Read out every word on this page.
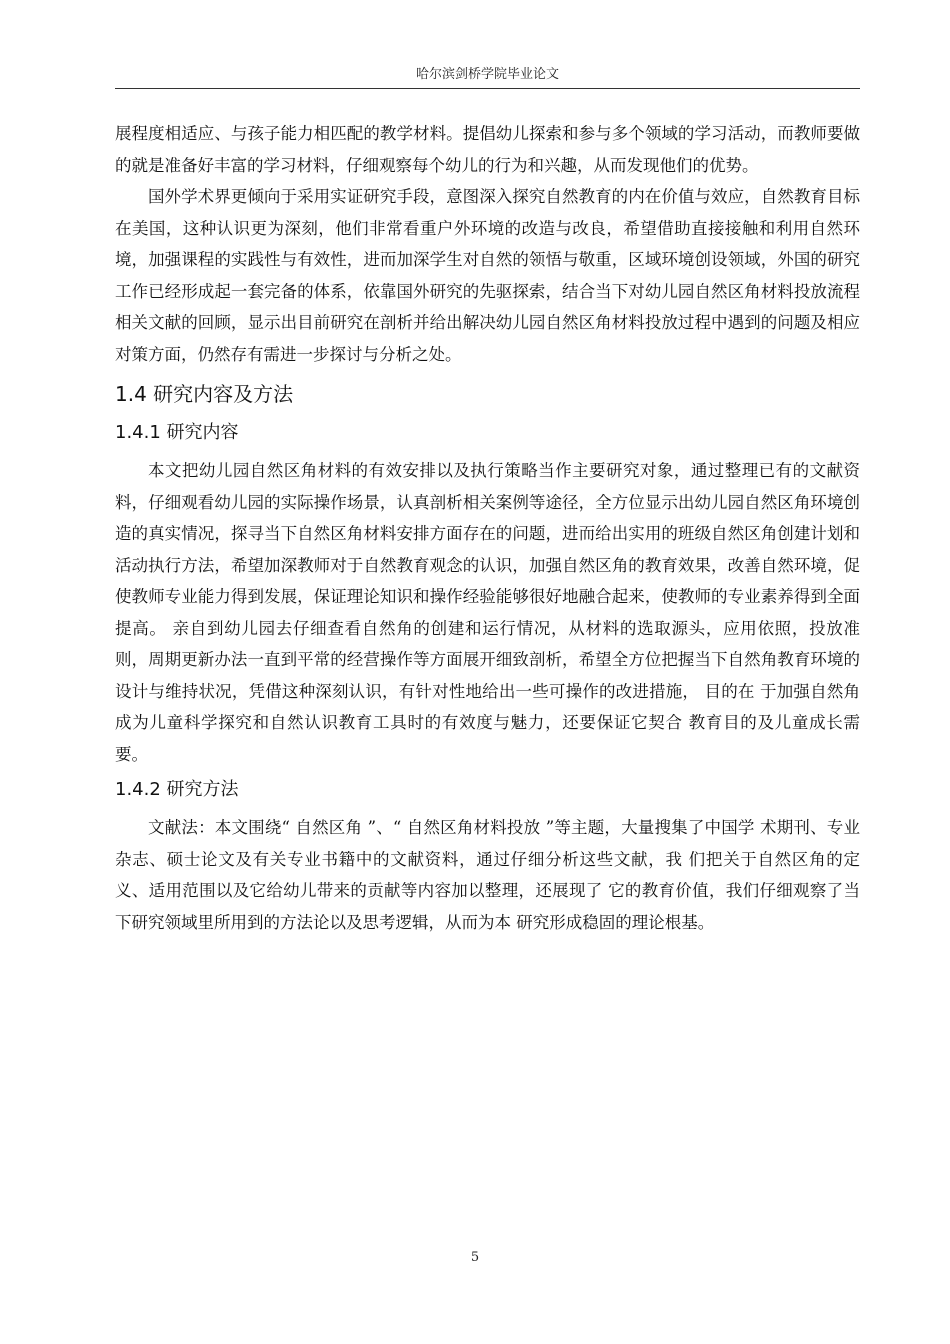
哈尔滨剑桥学院毕业论文

展程度相适应、与孩子能力相匹配的教学材料。提倡幼儿探索和参与多个领域的学习活动，而教师要做的就是准备好丰富的学习材料，仔细观察每个幼儿的行为和兴趣，从而发现他们的优势。

国外学术界更倾向于采用实证研究手段，意图深入探究自然教育的内在价值与效应，自然教育目标在美国，这种认识更为深刻，他们非常看重户外环境的改造与改良，希望借助直接接触和利用自然环境，加强课程的实践性与有效性，进而加深学生对自然的领悟与敬重，区域环境创设领域，外国的研究工作已经形成起一套完备的体系，依靠国外研究的先驱探索，结合当下对幼儿园自然区角材料投放流程相关文献的回顾，显示出目前研究在剖析并给出解决幼儿园自然区角材料投放过程中遇到的问题及相应对策方面，仍然存有需进一步探讨与分析之处。

1.4 研究内容及方法
1.4.1 研究内容

本文把幼儿园自然区角材料的有效安排以及执行策略当作主要研究对象，通过整理已有的文献资料，仔细观看幼儿园的实际操作场景，认真剖析相关案例等途径，全方位显示出幼儿园自然区角环境创造的真实情况，探寻当下自然区角材料安排方面存在的问题，进而给出实用的班级自然区角创建计划和活动执行方法，希望加深教师对于自然教育观念的认识，加强自然区角的教育效果，改善自然环境，促使教师专业能力得到发展，保证理论知识和操作经验能够很好地融合起来，使教师的专业素养得到全面提高。 亲自到幼儿园去仔细查看自然角的创建和运行情况，从材料的选取源头，应用依照，投放准则，周期更新办法一直到平常的经营操作等方面展开细致剖析，希望全方位把握当下自然角教育环境的设计与维持状况，凭借这种深刻认识，有针对性地给出一些可操作的改进措施， 目的在 于加强自然角成为儿童科学探究和自然认识教育工具时的有效度与魅力，还要保证它契合 教育目的及儿童成长需要。

1.4.2 研究方法

文献法：本文围绕“ 自然区角 ”、“ 自然区角材料投放 ”等主题，大量搜集了中国学 术期刊、专业杂志、硕士论文及有关专业书籍中的文献资料，通过仔细分析这些文献，我 们把关于自然区角的定义、适用范围以及它给幼儿带来的贡献等内容加以整理，还展现了 它的教育价值，我们仔细观察了当下研究领域里所用到的方法论以及思考逻辑，从而为本 研究形成稳固的理论根基。

5
